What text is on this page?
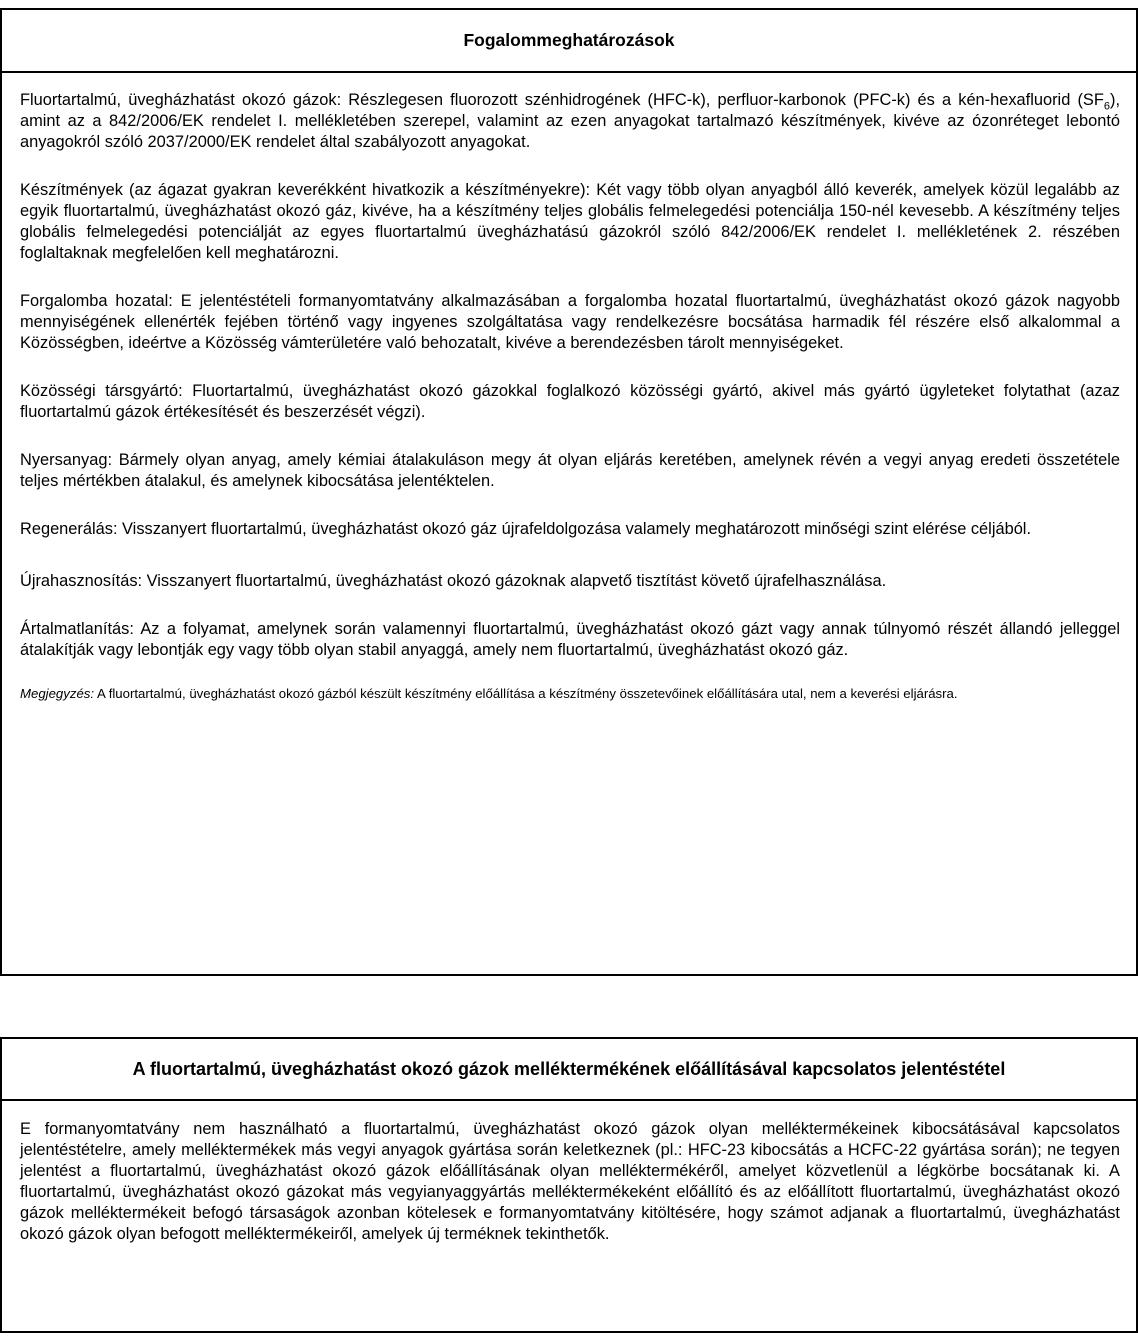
Fogalommeghatározások

Fluortartalmú, üvegházhatást okozó gázok: Részlegesen fluorozott szénhidrogének (HFC-k), perfluor-karbonok (PFC-k) és a kén-hexafluorid $(SF_6)$, amint az a 842/2006/EK rendelet I. mellékletében szerepel, valamint az ezen anyagokat tartalmazó készítmények, kivéve az ózonréteget lebontó anyagokról szóló 2037/2000/EK rendelet által szabályozott anyagokat.

Készítmények (az ágazat gyakran keverékként hivatkozik a készítményekre): Két vagy több olyan anyagból álló keverék, amelyek közül legalább az egyik fluortartalmú, üvegházhatást okozó gáz, kivéve, ha a készítmény teljes globális felmelegedési potenciálja 150-nél kevesebb. A készítmény teljes globális felmelegedési potenciálját az egyes fluortartalmú üvegházhatású gázokról szóló 842/2006/EK rendelet I. mellékletének 2. részében foglaltaknak megfelelően kell meghatározni.

Forgalomba hozatal: E jelentéstételi formanyomtatvány alkalmazásában a forgalomba hozatal fluortartalmú, üvegházhatást okozó gázok nagyobb mennyiségének ellenérték fejében történő vagy ingyenes szolgáltatása vagy rendelkezésre bocsátása harmadik fél részére első alkalommal a Közösségben, ideértve a Közösség vámterületére való behozatalt, kivéve a berendezésben tárolt mennyiségeket.

Közösségi társgyártó: Fluortartalmú, üvegházhatást okozó gázokkal foglalkozó közösségi gyártó, akivel más gyártó ügyleteket folytathat (azaz fluortartalmú gázok értékesítését és beszerzését végzi).

Nyersanyag: Bármely olyan anyag, amely kémiai átalakuláson megy át olyan eljárás keretében, amelynek révén a vegyi anyag eredeti összetétele teljes mértékben átalakul, és amelynek kibocsátása jelentéktelen.

Regenerálás: Visszanyert fluortartalmú, üvegházhatást okozó gáz újrafeldolgozása valamely meghatározott minőségi szint elérése céljából.

Újrahasznosítás: Visszanyert fluortartalmú, üvegházhatást okozó gázoknak alapvető tisztítást követő újrafelhasználása.

Ártalmatlanítás: Az a folyamat, amelynek során valamennyi fluortartalmú, üvegházhatást okozó gázt vagy annak túlnyomó részét állandó jelleggel átalakítják vagy lebontják egy vagy több olyan stabil anyaggá, amely nem fluortartalmú, üvegházhatást okozó gáz.

Megjegyzés: A fluortartalmú, üvegházhatást okozó gázból készült készítmény előállítása a készítmény összetevőinek előállítására utal, nem a keverési eljárásra.

A fluortartalmú, üvegházhatást okozó gázok melléktermékének előállításával kapcsolatos jelentéstétel

E formanyomtatvány nem használható a fluortartalmú, üvegházhatást okozó gázok olyan melléktermékeinek kibocsátásával kapcsolatos jelentéstételre, amely melléktermékek más vegyi anyagok gyártása során keletkeznek (pl.: HFC-23 kibocsátás a HCFC-22 gyártása során); ne tegyen jelentést a fluortartalmú, üvegházhatást okozó gázok előállításának olyan melléktermékéről, amelyet közvetlenül a légkörbe bocsátanak ki. A fluortartalmú, üvegházhatást okozó gázokat más vegyianyaggyártás melléktermékeként előállító és az előállított fluortartalmú, üvegházhatást okozó gázok melléktermékeit befogó társaságok azonban kötelesek e formanyomtatvány kitöltésére, hogy számot adjanak a fluortartalmú, üvegházhatást okozó gázok olyan befogott melléktermékeiről, amelyek új terméknek tekinthetők.
